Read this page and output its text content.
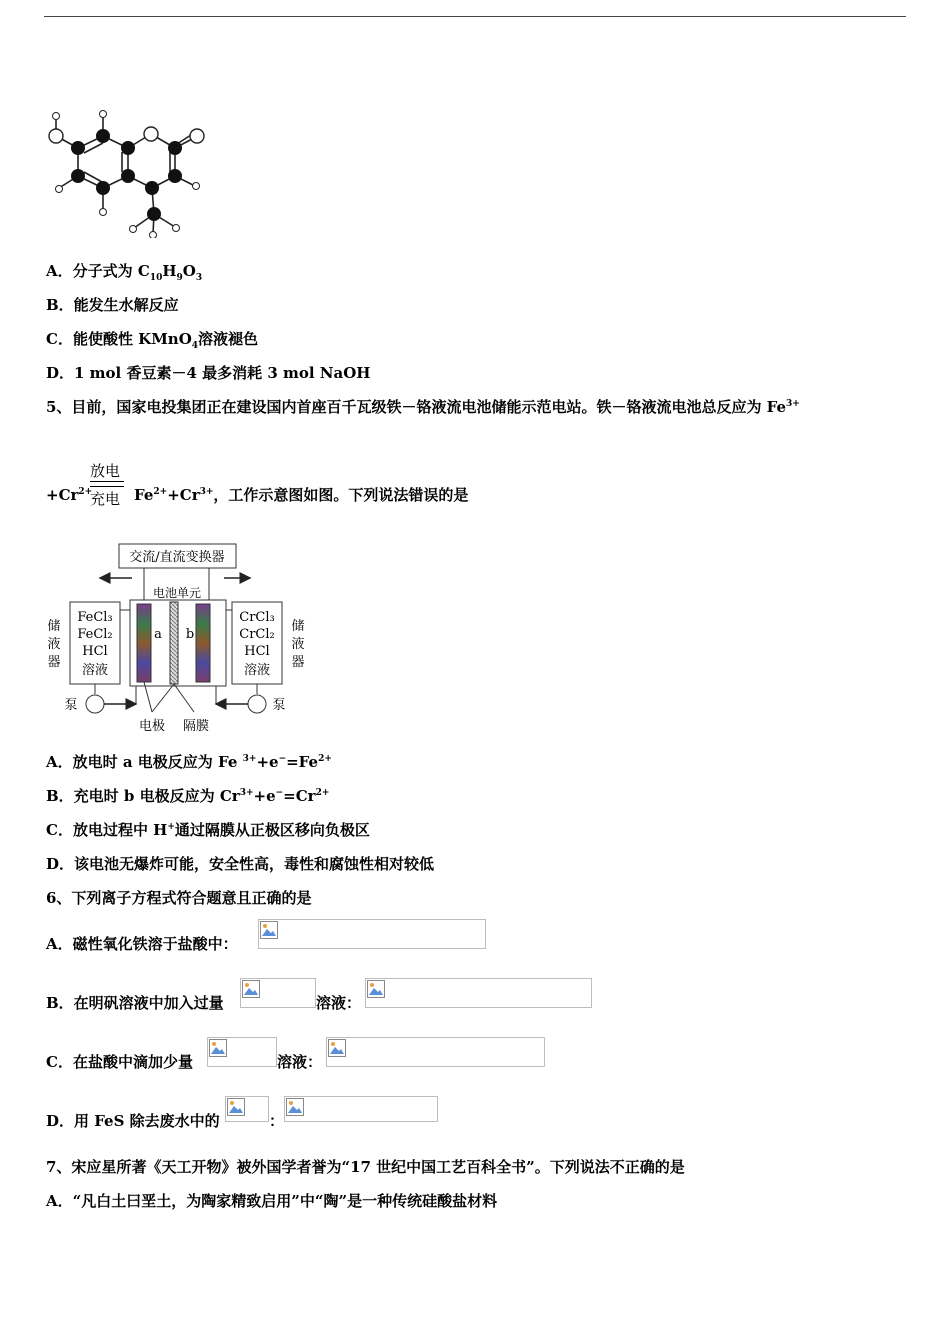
A．分子式为 $C_{10}H_9O_3$
B．能发生水解反应
C．能使酸性 KMnO$_4$溶液褪色
D．1 mol 香豆素－4 最多消耗 3 mol NaOH
5、目前，国家电投集团正在建设国内首座百千瓦级铁－铬液流电池储能示范电站。铁－铬液流电池总反应为 $Fe^{3+}$
放电
充电
$+Cr^{2+}$	$Fe^{2+}+Cr^{3+}$，工作示意图如图。下列说法错误的是
交流/直流变换器
电池单元
a b
FeCl₃
FeCl₂
HCl
溶液
CrCl₃
CrCl₂
HCl
溶液
储
液
器
储
液
器
泵	泵
电极 隔膜
A．放电时 a 电极反应为 Fe $^{3+}+e^-=Fe^{2+}$
B．充电时 b 电极反应为 $Cr^{3+}+e^-=Cr^{2+}$
C．放电过程中 H+通过隔膜从正极区移向负极区
D．该电池无爆炸可能，安全性高，毒性和腐蚀性相对较低
6、下列离子方程式符合题意且正确的是
A．磁性氧化铁溶于盐酸中：
B．在明矾溶液中加入过量	溶液：
C．在盐酸中滴加少量	溶液：
D．用 FeS 除去废水中的	：
7、宋应星所著《天工开物》被外国学者誉为“17 世纪中国工艺百科全书”。下列说法不正确的是
A．“凡白土曰垩土，为陶家精致启用”中“陶”是一种传统硅酸盐材料
